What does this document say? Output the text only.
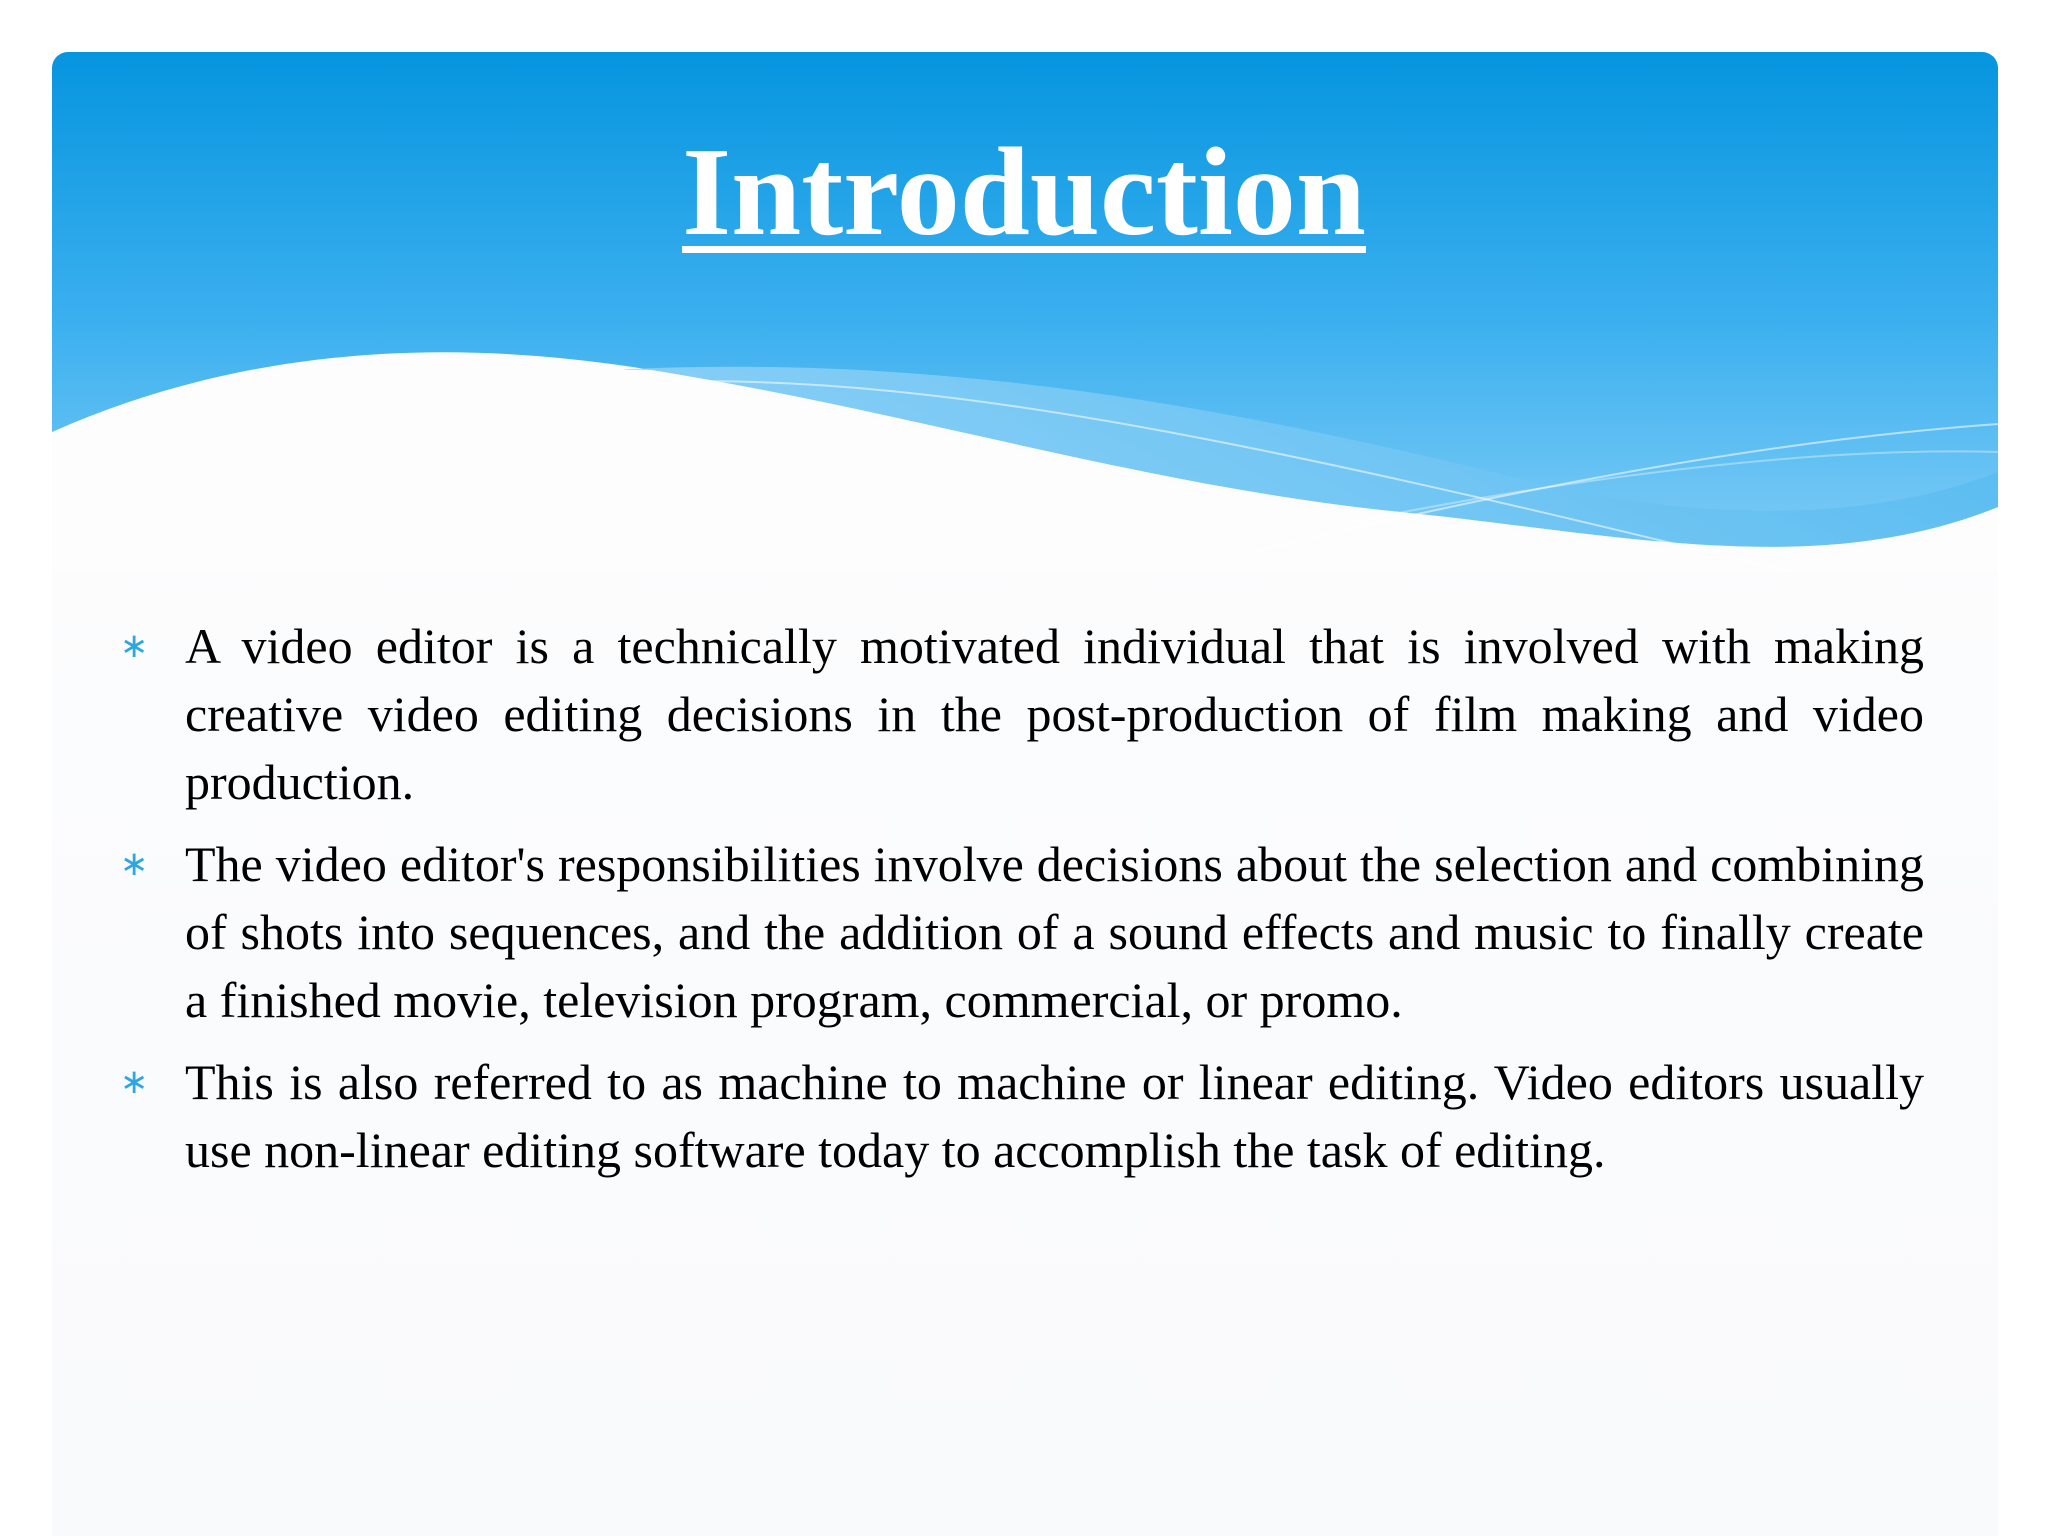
Introduction
∗ A video editor is a technically motivated individual that is involved with making creative video editing decisions in the post-production of film making and video production.
∗ The video editor's responsibilities involve decisions about the selection and combining of shots into sequences, and the addition of a sound effects and music to finally create a finished movie, television program, commercial, or promo.
∗ This is also referred to as machine to machine or linear editing. Video editors usually use non-linear editing software today to accomplish the task of editing.
